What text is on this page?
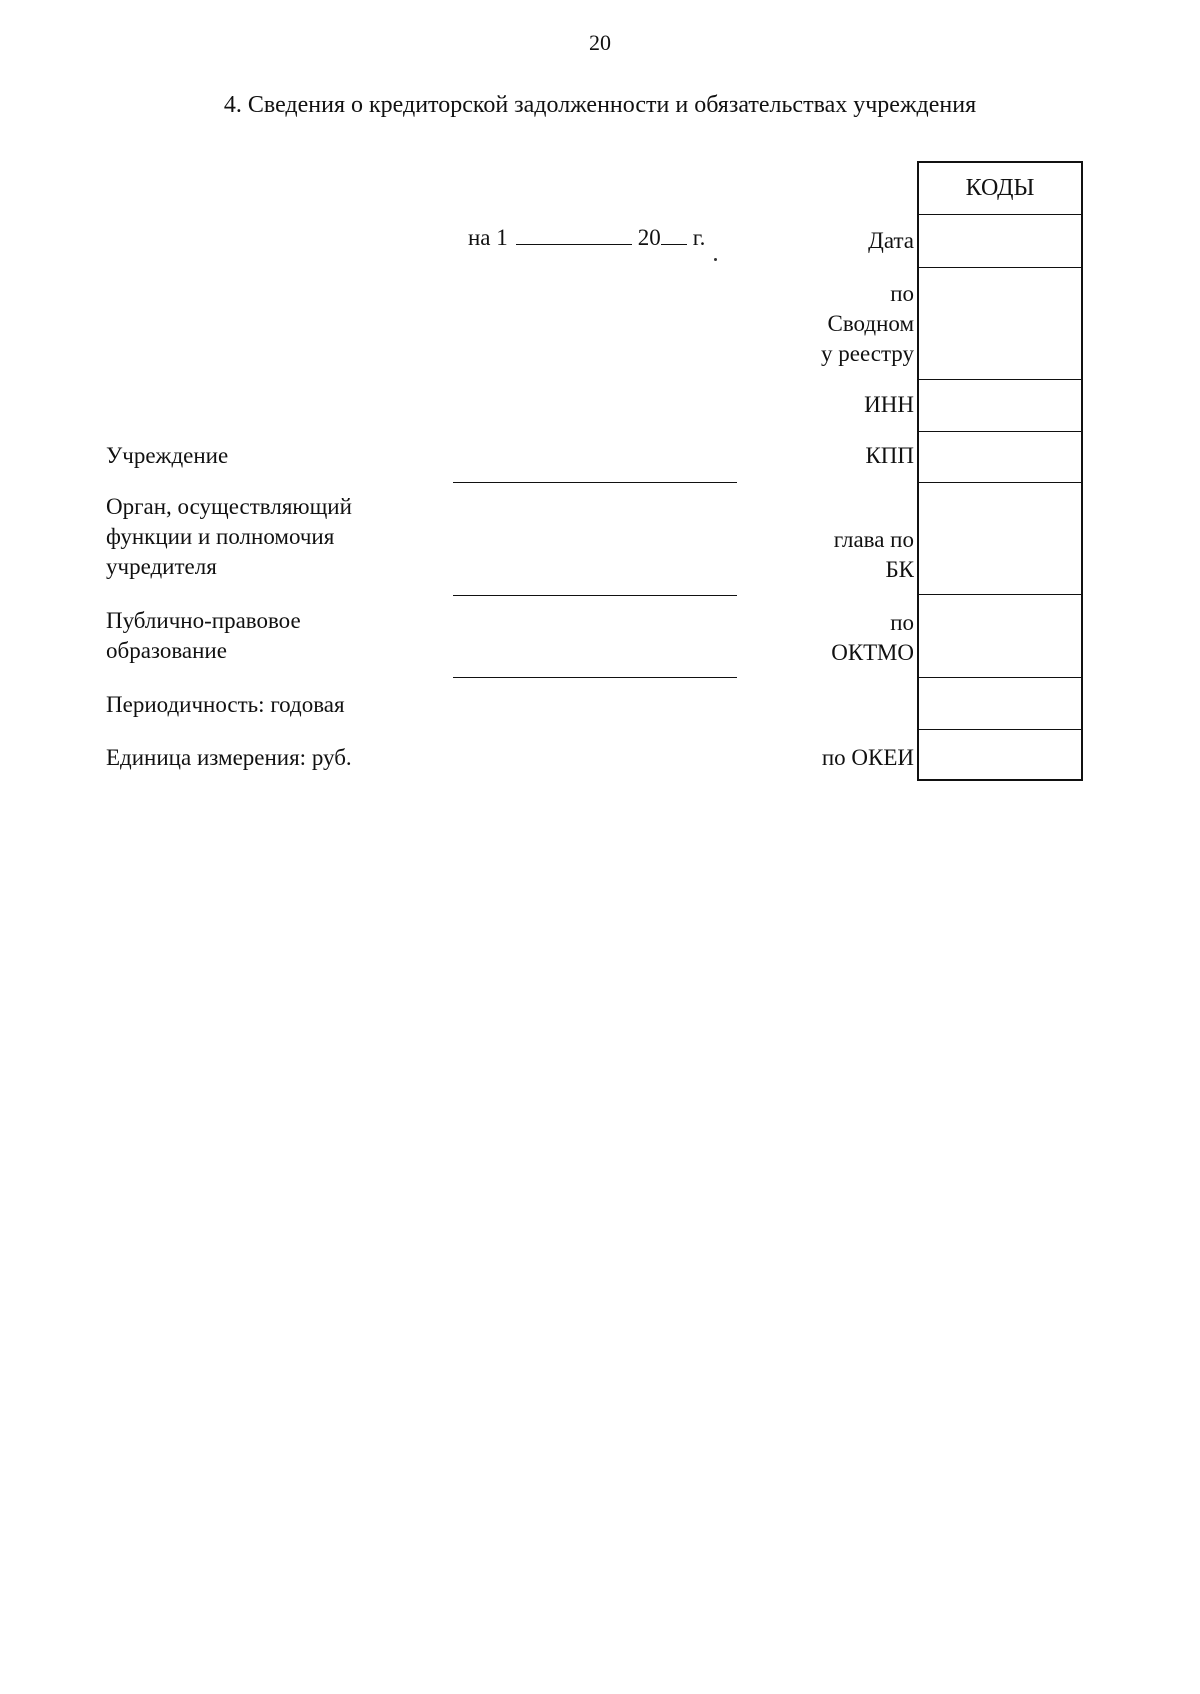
20
4. Сведения о кредиторской задолженности и обязательствах учреждения
на 1	20 г.
Учреждение
Орган, осуществляющий
функции и полномочия
учредителя
Публично-правовое
образование
Периодичность: годовая
Единица измерения: руб.
Дата
по
Сводном
у реестру
ИНН
КПП
глава по
БК
по
ОКТМО
по ОКЕИ
КОДЫ
